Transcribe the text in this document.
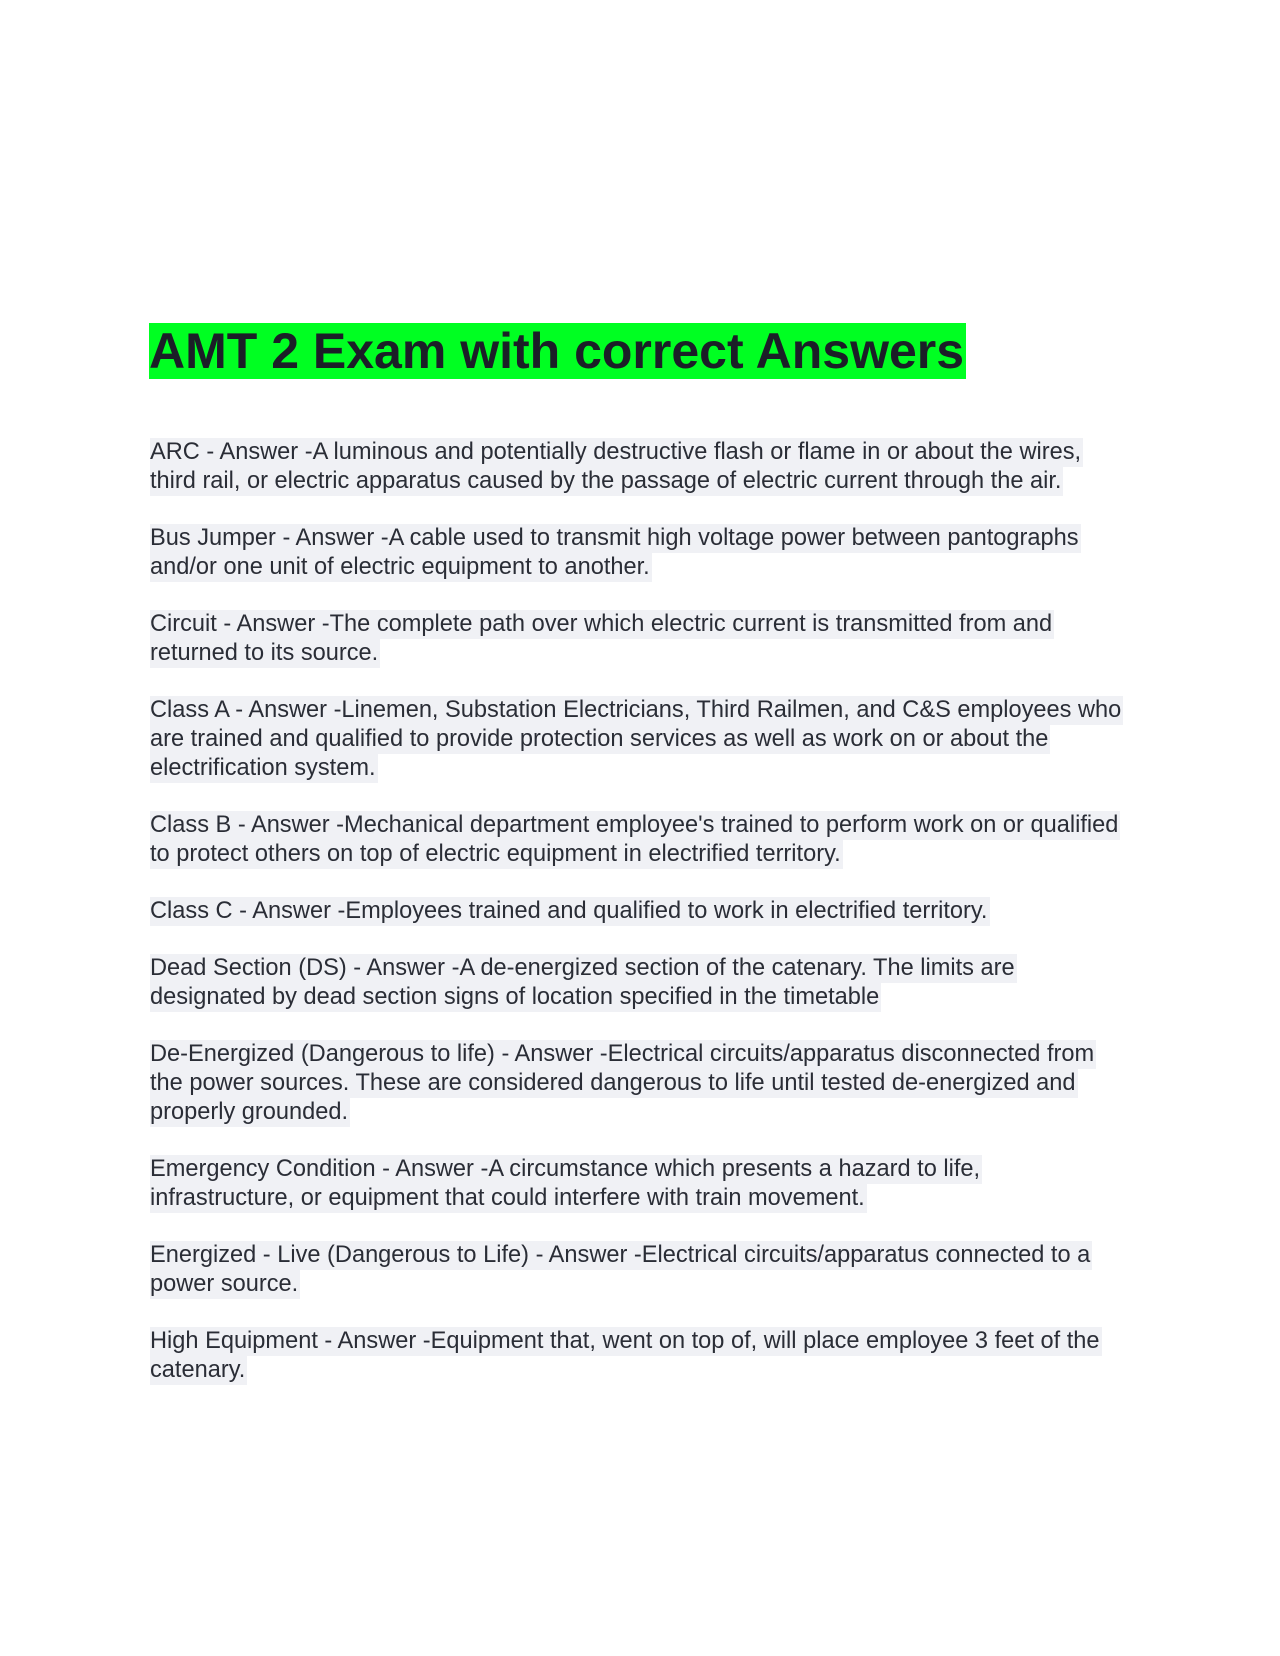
AMT 2 Exam with correct Answers
ARC - Answer -A luminous and potentially destructive flash or flame in or about the wires, third rail, or electric apparatus caused by the passage of electric current through the air.
Bus Jumper - Answer -A cable used to transmit high voltage power between pantographs and/or one unit of electric equipment to another.
Circuit - Answer -The complete path over which electric current is transmitted from and returned to its source.
Class A - Answer -Linemen, Substation Electricians, Third Railmen, and C&S employees who are trained and qualified to provide protection services as well as work on or about the electrification system.
Class B - Answer -Mechanical department employee's trained to perform work on or qualified to protect others on top of electric equipment in electrified territory.
Class C - Answer -Employees trained and qualified to work in electrified territory.
Dead Section (DS) - Answer -A de-energized section of the catenary. The limits are designated by dead section signs of location specified in the timetable
De-Energized (Dangerous to life) - Answer -Electrical circuits/apparatus disconnected from the power sources. These are considered dangerous to life until tested de-energized and properly grounded.
Emergency Condition - Answer -A circumstance which presents a hazard to life, infrastructure, or equipment that could interfere with train movement.
Energized - Live (Dangerous to Life) - Answer -Electrical circuits/apparatus connected to a power source.
High Equipment - Answer -Equipment that, went on top of, will place employee 3 feet of the catenary.
